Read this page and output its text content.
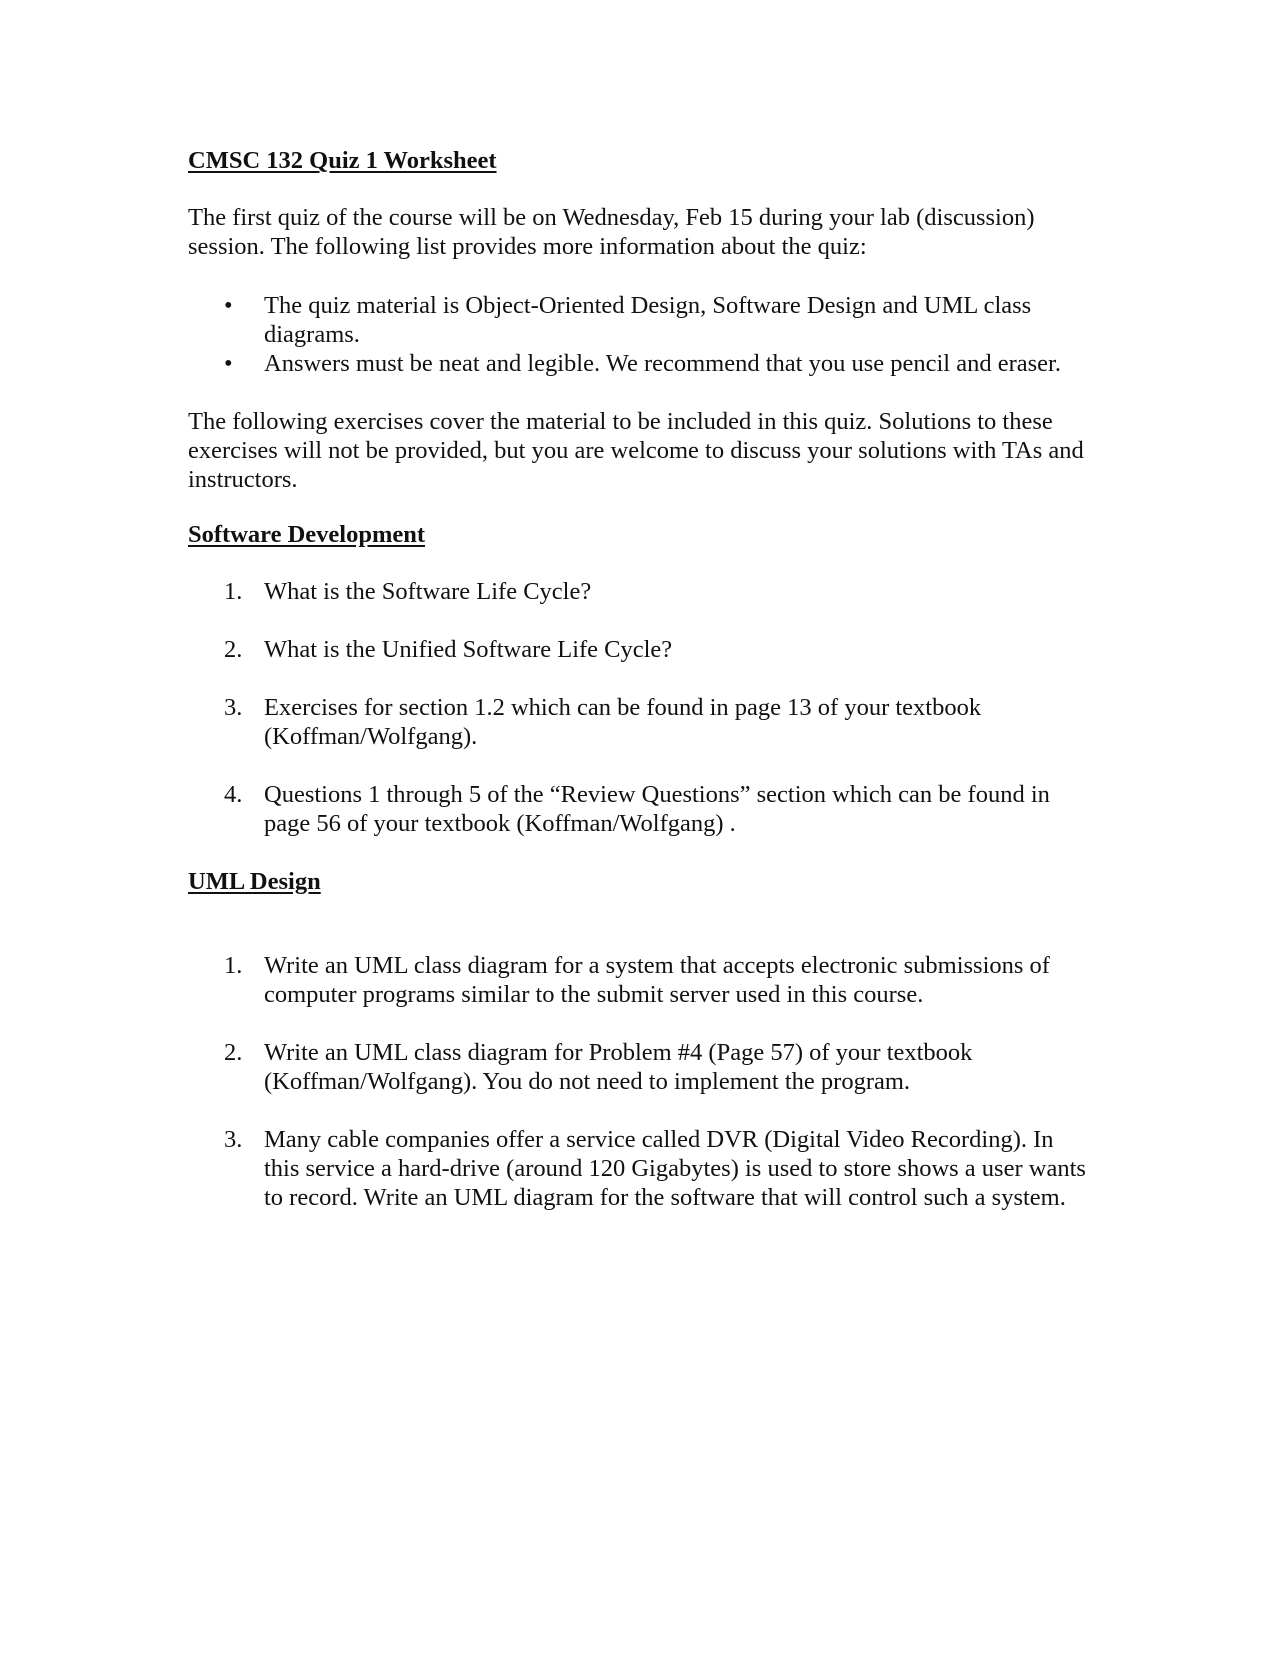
CMSC 132 Quiz 1 Worksheet

The first quiz of the course will be on Wednesday, Feb 15 during your lab (discussion) session. The following list provides more information about the quiz:

• The quiz material is Object-Oriented Design, Software Design and UML class diagrams.
• Answers must be neat and legible. We recommend that you use pencil and eraser.

The following exercises cover the material to be included in this quiz. Solutions to these exercises will not be provided, but you are welcome to discuss your solutions with TAs and instructors.

Software Development
1. What is the Software Life Cycle?
2. What is the Unified Software Life Cycle?
3. Exercises for section 1.2 which can be found in page 13 of your textbook (Koffman/Wolfgang).
4. Questions 1 through 5 of the “Review Questions” section which can be found in page 56 of your textbook (Koffman/Wolfgang) .
UML Design
1. Write an UML class diagram for a system that accepts electronic submissions of computer programs similar to the submit server used in this course.
2. Write an UML class diagram for Problem #4 (Page 57) of your textbook (Koffman/Wolfgang). You do not need to implement the program.
3. Many cable companies offer a service called DVR (Digital Video Recording). In this service a hard-drive (around 120 Gigabytes) is used to store shows a user wants to record. Write an UML diagram for the software that will control such a system.
